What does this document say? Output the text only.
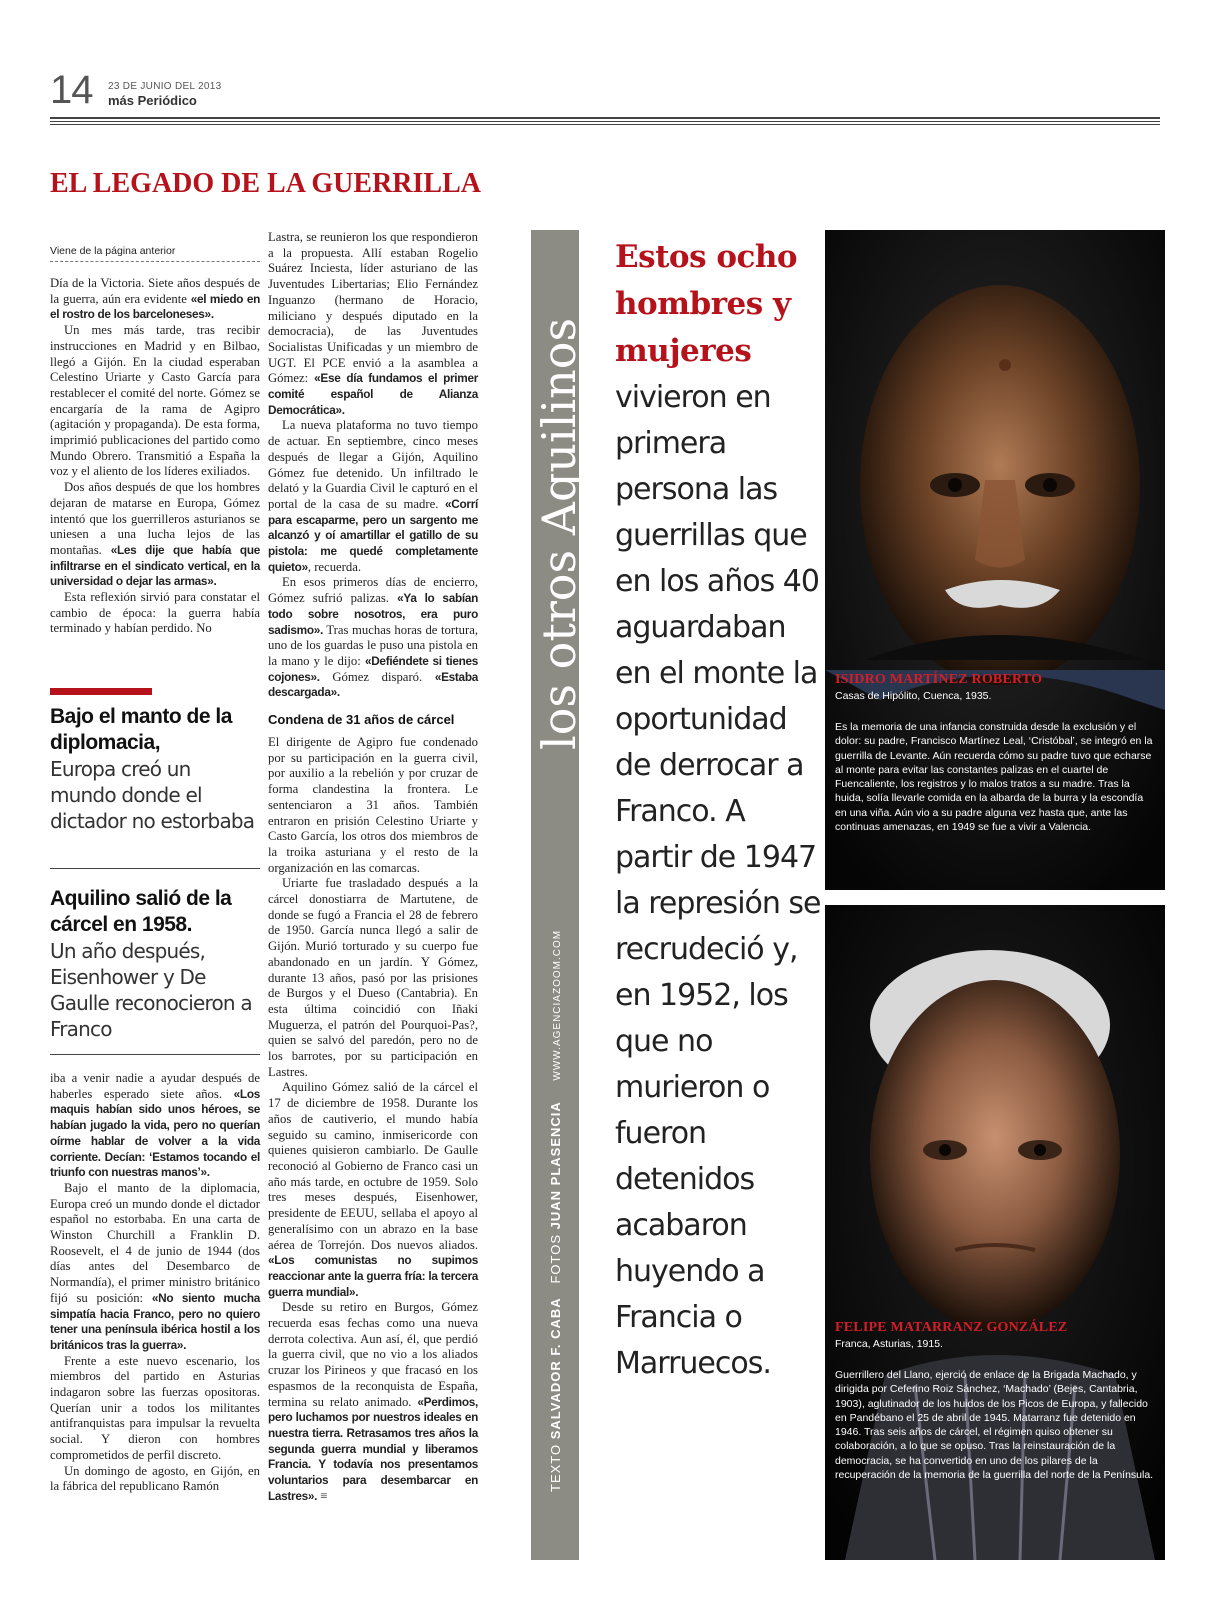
14 23 DE JUNIO DEL 2013
más Periódico
EL LEGADO DE LA GUERRILLA
Viene de la página anterior

Día de la Victoria. Siete años después de la guerra, aún era evidente «el miedo en el rostro de los barceloneses».

Un mes más tarde, tras recibir instrucciones en Madrid y en Bilbao, llegó a Gijón. En la ciudad esperaban Celestino Uriarte y Casto García para restablecer el comité del norte. Gómez se encargaría de la rama de Agipro (agitación y propaganda). De esta forma, imprimió publicaciones del partido como Mundo Obrero. Transmitió a España la voz y el aliento de los líderes exiliados.

Dos años después de que los hombres dejaran de matarse en Europa, Gómez intentó que los guerrilleros asturianos se uniesen a una lucha lejos de las montañas. «Les dije que había que infiltrarse en el sindicato vertical, en la universidad o dejar las armas».

Esta reflexión sirvió para constatar el cambio de época: la guerra había terminado y habían perdido. No

Bajo el manto de la diplomacia,
Europa creó un mundo donde el dictador no estorbaba
Aquilino salió de la cárcel en 1958.
Un año después, Eisenhower y De Gaulle reconocieron a Franco

iba a venir nadie a ayudar después de haberles esperado siete años. «Los maquis habían sido unos héroes, se habían jugado la vida, pero no querían oírme hablar de volver a la vida corriente. Decían: ‘Estamos tocando el triunfo con nuestras manos’».

Bajo el manto de la diplomacia, Europa creó un mundo donde el dictador español no estorbaba. En una carta de Winston Churchill a Franklin D. Roosevelt, el 4 de junio de 1944 (dos días antes del Desembarco de Normandía), el primer ministro británico fijó su posición: «No siento mucha simpatía hacia Franco, pero no quiero tener una península ibérica hostil a los británicos tras la guerra».

Frente a este nuevo escenario, los miembros del partido en Asturias indagaron sobre las fuerzas opositoras. Querían unir a todos los militantes antifranquistas para impulsar la revuelta social. Y dieron con hombres comprometidos de perfil discreto.

Un domingo de agosto, en Gijón, en la fábrica del republicano Ramón

Lastra, se reunieron los que respondieron a la propuesta. Allí estaban Rogelio Suárez Inciesta, líder asturiano de las Juventudes Libertarias; Elio Fernández Inguanzo (hermano de Horacio, miliciano y después diputado en la democracia), de las Juventudes Socialistas Unificadas y un miembro de UGT. El PCE envió a la asamblea a Gómez: «Ese día fundamos el primer comité español de Alianza Democrática».

La nueva plataforma no tuvo tiempo de actuar. En septiembre, cinco meses después de llegar a Gijón, Aquilino Gómez fue detenido. Un infiltrado le delató y la Guardia Civil le capturó en el portal de la casa de su madre. «Corrí para escaparme, pero un sargento me alcanzó y oí amartillar el gatillo de su pistola: me quedé completamente quieto», recuerda.

En esos primeros días de encierro, Gómez sufrió palizas. «Ya lo sabían todo sobre nosotros, era puro sadismo». Tras muchas horas de tortura, uno de los guardas le puso una pistola en la mano y le dijo: «Defiéndete si tienes cojones». Gómez disparó. «Estaba descargada».

Condena de 31 años de cárcel

El dirigente de Agipro fue condenado por su participación en la guerra civil, por auxilio a la rebelión y por cruzar de forma clandestina la frontera. Le sentenciaron a 31 años. También entraron en prisión Celestino Uriarte y Casto García, los otros dos miembros de la troika asturiana y el resto de la organización en las comarcas.

Uriarte fue trasladado después a la cárcel donostiarra de Martutene, de donde se fugó a Francia el 28 de febrero de 1950. García nunca llegó a salir de Gijón. Murió torturado y su cuerpo fue abandonado en un jardín. Y Gómez, durante 13 años, pasó por las prisiones de Burgos y el Dueso (Cantabria). En esta última coincidió con Iñaki Muguerza, el patrón del Pourquoi-Pas?, quien se salvó del paredón, pero no de los barrotes, por su participación en Lastres.

Aquilino Gómez salió de la cárcel el 17 de diciembre de 1958. Durante los años de cautiverio, el mundo había seguido su camino, inmisericorde con quienes quisieron cambiarlo. De Gaulle reconoció al Gobierno de Franco casi un año más tarde, en octubre de 1959. Solo tres meses después, Eisenhower, presidente de EEUU, sellaba el apoyo al generalísimo con un abrazo en la base aérea de Torrejón. Dos nuevos aliados. «Los comunistas no supimos reaccionar ante la guerra fría: la tercera guerra mundial».

Desde su retiro en Burgos, Gómez recuerda esas fechas como una nueva derrota colectiva. Aun así, él, que perdió la guerra civil, que no vio a los aliados cruzar los Pirineos y que fracasó en los espasmos de la reconquista de España, termina su relato animado. «Perdimos, pero luchamos por nuestros ideales en nuestra tierra. Retrasamos tres años la segunda guerra mundial y liberamos Francia. Y todavía nos presentamos voluntarios para desembarcar en Lastres». ≡

los otros Aquilinos
TEXTO SALVADOR F. CABA   FOTOS JUAN PLASENCIA WWW.AGENCIAZOOM.COM
Estos ocho hombres y mujeres vivieron en primera persona las guerrillas que en los años 40 aguardaban en el monte la oportunidad de derrocar a Franco. A partir de 1947 la represión se recrudeció y, en 1952, los que no murieron o fueron detenidos acabaron huyendo a Francia o Marruecos.
ISIDRO MARTÍNEZ ROBERTO
Casas de Hipólito, Cuenca, 1935.
Es la memoria de una infancia construida desde la exclusión y el dolor: su padre, Francisco Martínez Leal, ‘Cristóbal’, se integró en la guerrilla de Levante. Aún recuerda cómo su padre tuvo que echarse al monte para evitar las constantes palizas en el cuartel de Fuencaliente, los registros y lo malos tratos a su madre. Tras la huida, solía llevarle comida en la albarda de la burra y la escondía en una viña. Aún vio a su padre alguna vez hasta que, ante las continuas amenazas, en 1949 se fue a vivir a Valencia.
FELIPE MATARRANZ GONZÁLEZ
Franca, Asturias, 1915.
Guerrillero del Llano, ejerció de enlace de la Brigada Machado, y dirigida por Ceferino Roiz Sánchez, ‘Machado’ (Bejes, Cantabria, 1903), aglutinador de los huidos de los Picos de Europa, y fallecido en Pandébano el 25 de abril de 1945. Matarranz fue detenido en 1946. Tras seis años de cárcel, el régimen quiso obtener su colaboración, a lo que se opuso. Tras la reinstauración de la democracia, se ha convertido en uno de los pilares de la recuperación de la memoria de la guerrilla del norte de la Península.
